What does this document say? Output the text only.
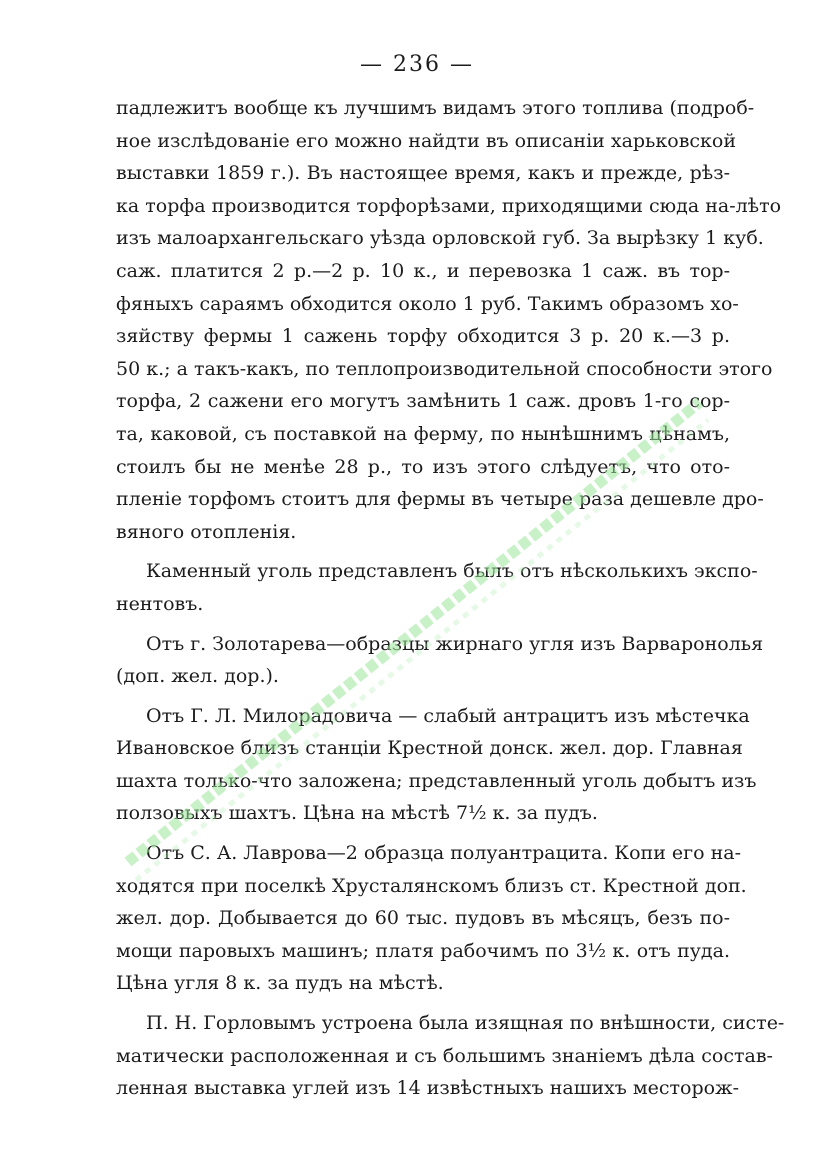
— 236 —
падлежитъ вообще къ лучшимъ видамъ этого топлива (подроб-
ное изслѣдованіе его можно найдти въ описаніи харьковской
выставки 1859 г.). Въ настоящее время, какъ и прежде, рѣз-
ка торфа производится торфорѣзами, приходящими сюда на-лѣто
изъ малоархангельскаго уѣзда орловской губ. За вырѣзку 1 куб.
саж. платится 2 р.—2 р. 10 к., и перевозка 1 саж. въ тор-
фяныхъ сараямъ обходится около 1 руб. Такимъ образомъ хо-
зяйству фермы 1 сажень торфу обходится 3 р. 20 к.—3 р.
50 к.; а такъ-какъ, по теплопроизводительной способности этого
торфа, 2 сажени его могутъ замѣнить 1 саж. дровъ 1-го сор-
та, каковой, съ поставкой на ферму, по нынѣшнимъ цѣнамъ,
стоилъ бы не менѣе 28 р., то изъ этого слѣдуетъ, что ото-
пленіе торфомъ стоитъ для фермы въ четыре раза дешевле дро-
вяного отопленія.
Каменный уголь представленъ былъ отъ нѣсколькихъ экспо-
нентовъ.
Отъ г. Золотарева—образцы жирнаго угля изъ Варваронолья
(доп. жел. дор.).
Отъ Г. Л. Милорадовича — слабый антрацитъ изъ мѣстечка
Ивановское близъ станціи Крестной донск. жел. дор. Главная
шахта только-что заложена; представленный уголь добытъ изъ
ползовыхъ шахтъ. Цѣна на мѣстѣ 7½ к. за пудъ.
Отъ С. А. Лаврова—2 образца полуантрацита. Копи его на-
ходятся при поселкѣ Хрусталянскомъ близъ ст. Крестной доп.
жел. дор. Добывается до 60 тыс. пудовъ въ мѣсяцъ, безъ по-
мощи паровыхъ машинъ; платя рабочимъ по 3½ к. отъ пуда.
Цѣна угля 8 к. за пудъ на мѣстѣ.
П. Н. Горловымъ устроена была изящная по внѣшности, систе-
матически расположенная и съ большимъ знаніемъ дѣла состав-
ленная выставка углей изъ 14 извѣстныхъ нашихъ месторож-
